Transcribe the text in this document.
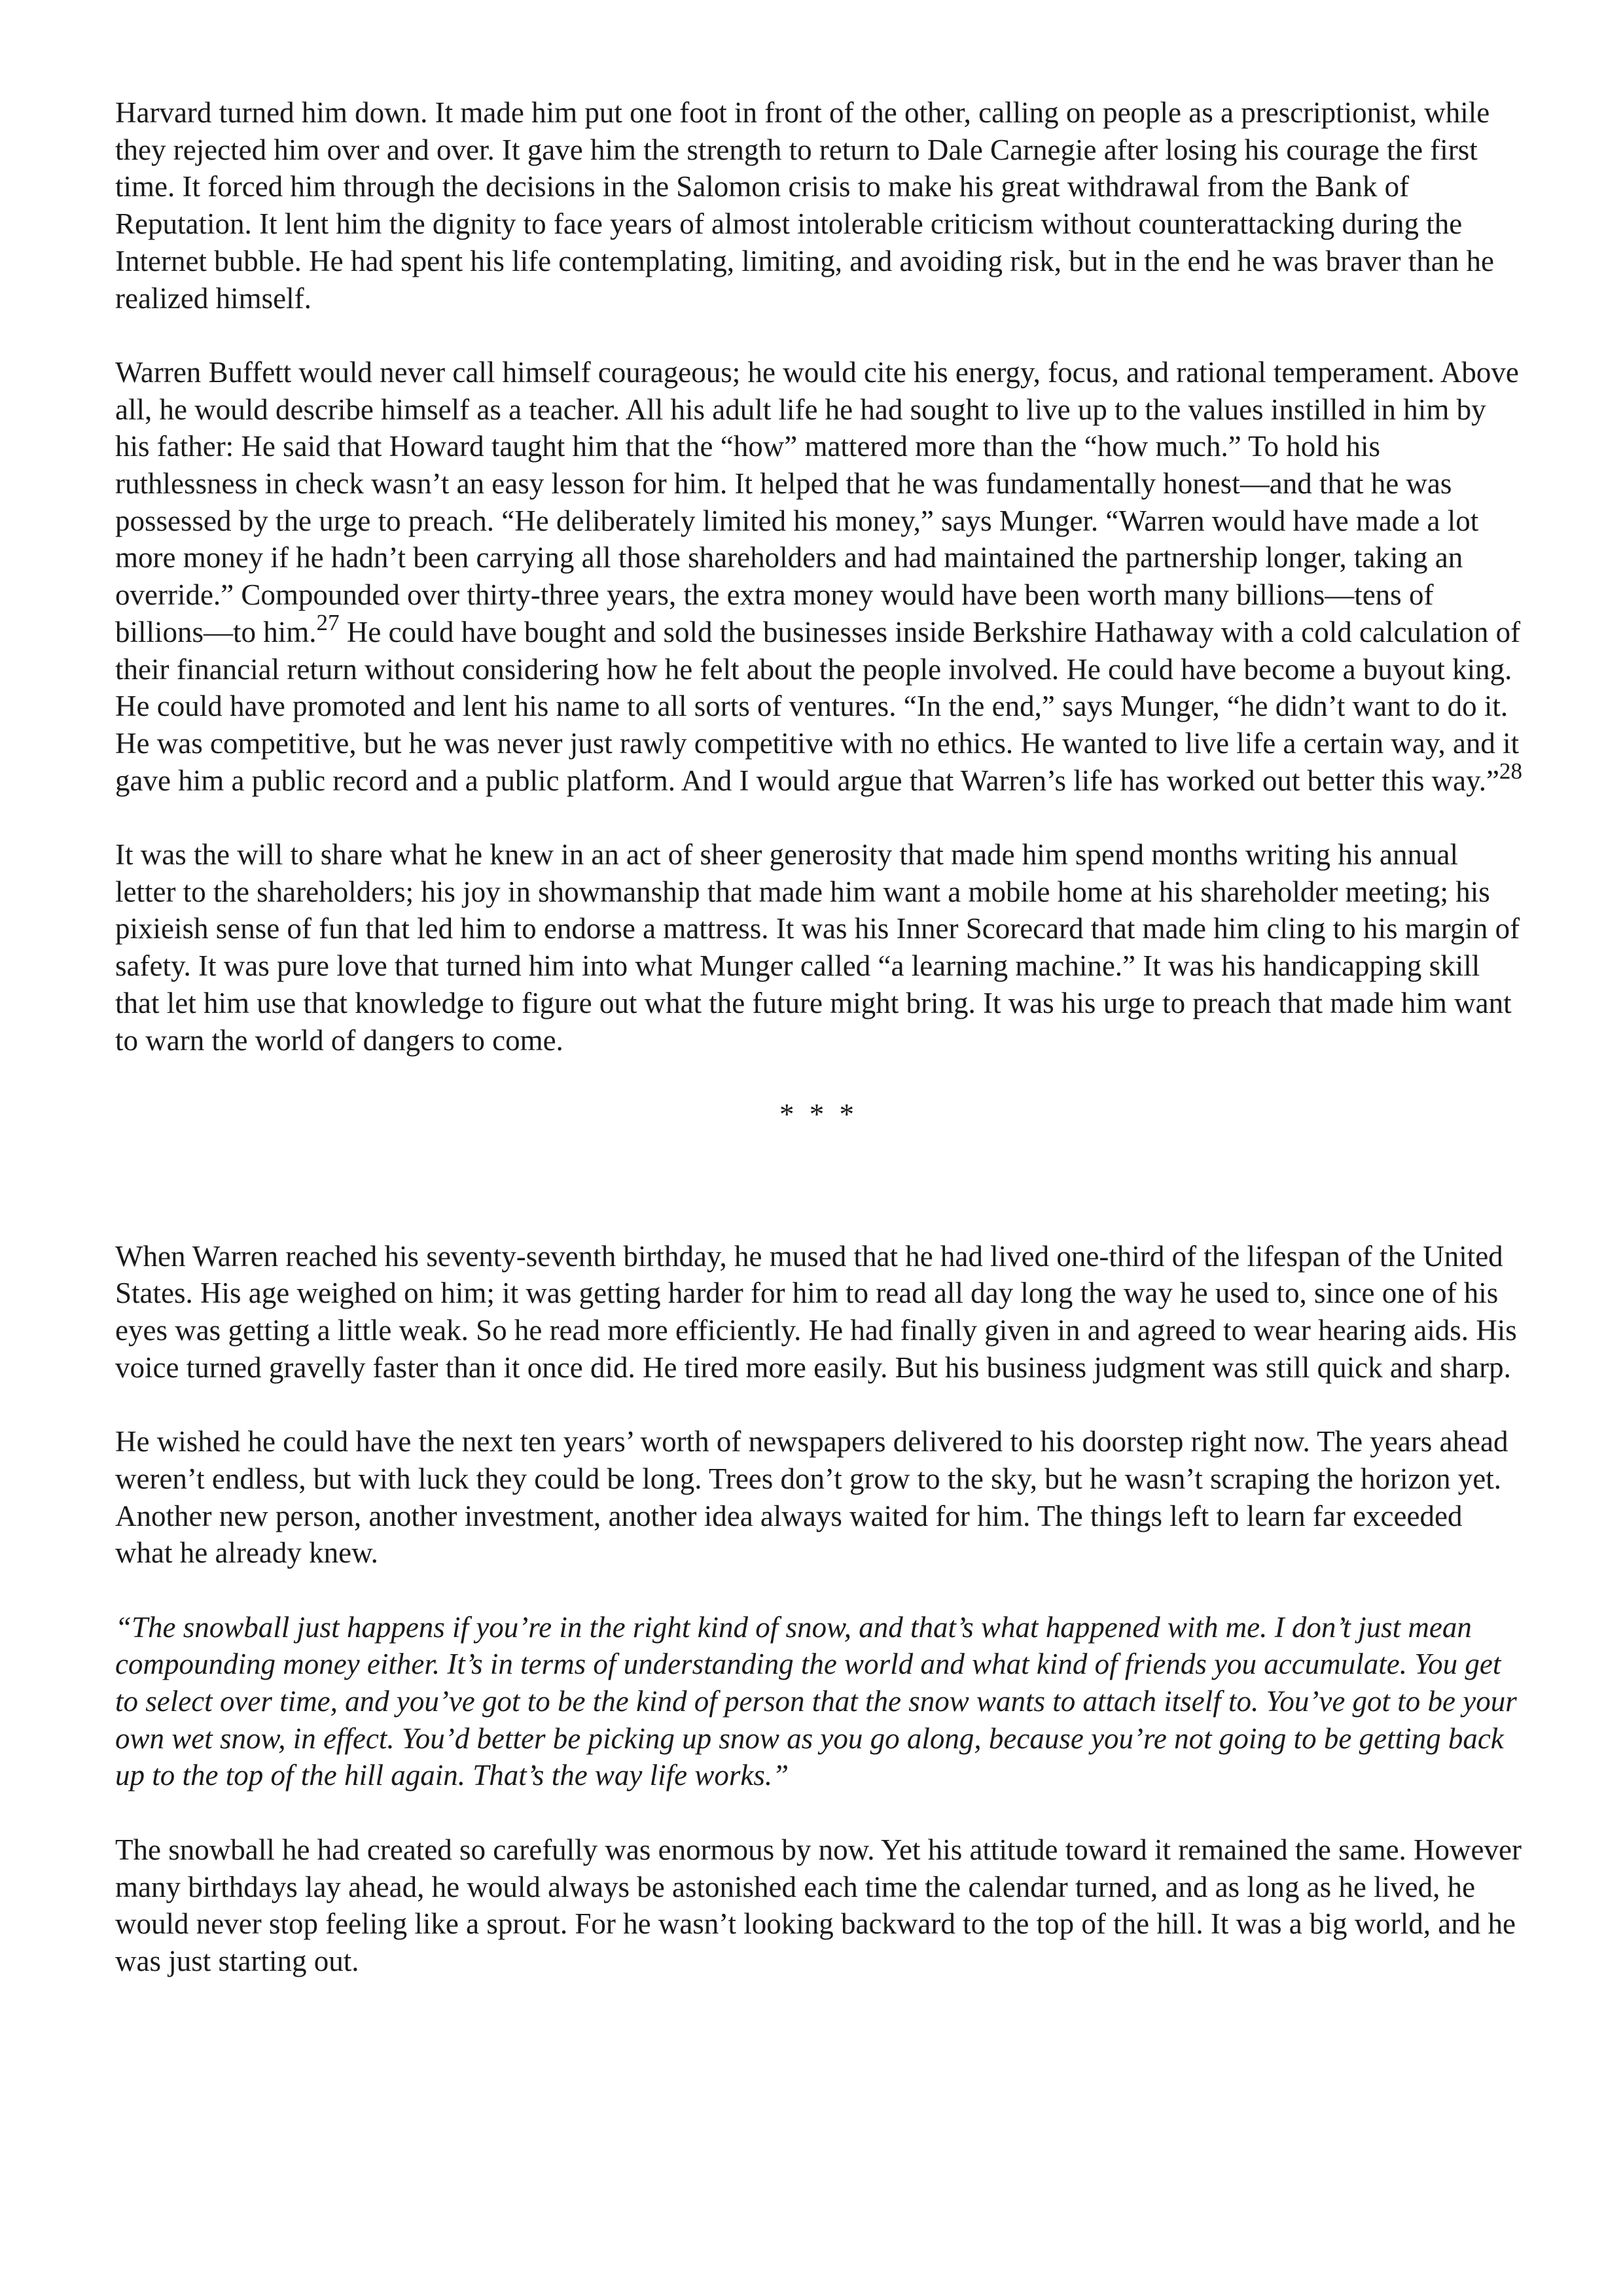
Harvard turned him down. It made him put one foot in front of the other, calling on people as a prescriptionist, while they rejected him over and over. It gave him the strength to return to Dale Carnegie after losing his courage the first time. It forced him through the decisions in the Salomon crisis to make his great withdrawal from the Bank of Reputation. It lent him the dignity to face years of almost intolerable criticism without counterattacking during the Internet bubble. He had spent his life contemplating, limiting, and avoiding risk, but in the end he was braver than he realized himself.

Warren Buffett would never call himself courageous; he would cite his energy, focus, and rational temperament. Above all, he would describe himself as a teacher. All his adult life he had sought to live up to the values instilled in him by his father: He said that Howard taught him that the “how” mattered more than the “how much.” To hold his ruthlessness in check wasn’t an easy lesson for him. It helped that he was fundamentally honest—and that he was possessed by the urge to preach. “He deliberately limited his money,” says Munger. “Warren would have made a lot more money if he hadn’t been carrying all those shareholders and had maintained the partnership longer, taking an override.” Compounded over thirty-three years, the extra money would have been worth many billions—tens of billions—to him.$^{27}$ He could have bought and sold the businesses inside Berkshire Hathaway with a cold calculation of their financial return without considering how he felt about the people involved. He could have become a buyout king. He could have promoted and lent his name to all sorts of ventures. “In the end,” says Munger, “he didn’t want to do it. He was competitive, but he was never just rawly competitive with no ethics. He wanted to live life a certain way, and it gave him a public record and a public platform. And I would argue that Warren’s life has worked out better this way.”$^{28}$

It was the will to share what he knew in an act of sheer generosity that made him spend months writing his annual letter to the shareholders; his joy in showmanship that made him want a mobile home at his shareholder meeting; his pixieish sense of fun that led him to endorse a mattress. It was his Inner Scorecard that made him cling to his margin of safety. It was pure love that turned him into what Munger called “a learning machine.” It was his handicapping skill that let him use that knowledge to figure out what the future might bring. It was his urge to preach that made him want to warn the world of dangers to come.

* * *

When Warren reached his seventy-seventh birthday, he mused that he had lived one-third of the lifespan of the United States. His age weighed on him; it was getting harder for him to read all day long the way he used to, since one of his eyes was getting a little weak. So he read more efficiently. He had finally given in and agreed to wear hearing aids. His voice turned gravelly faster than it once did. He tired more easily. But his business judgment was still quick and sharp.

He wished he could have the next ten years’ worth of newspapers delivered to his doorstep right now. The years ahead weren’t endless, but with luck they could be long. Trees don’t grow to the sky, but he wasn’t scraping the horizon yet. Another new person, another investment, another idea always waited for him. The things left to learn far exceeded what he already knew.

“The snowball just happens if you’re in the right kind of snow, and that’s what happened with me. I don’t just mean compounding money either. It’s in terms of understanding the world and what kind of friends you accumulate. You get to select over time, and you’ve got to be the kind of person that the snow wants to attach itself to. You’ve got to be your own wet snow, in effect. You’d better be picking up snow as you go along, because you’re not going to be getting back up to the top of the hill again. That’s the way life works.”

The snowball he had created so carefully was enormous by now. Yet his attitude toward it remained the same. However many birthdays lay ahead, he would always be astonished each time the calendar turned, and as long as he lived, he would never stop feeling like a sprout. For he wasn’t looking backward to the top of the hill. It was a big world, and he was just starting out.
